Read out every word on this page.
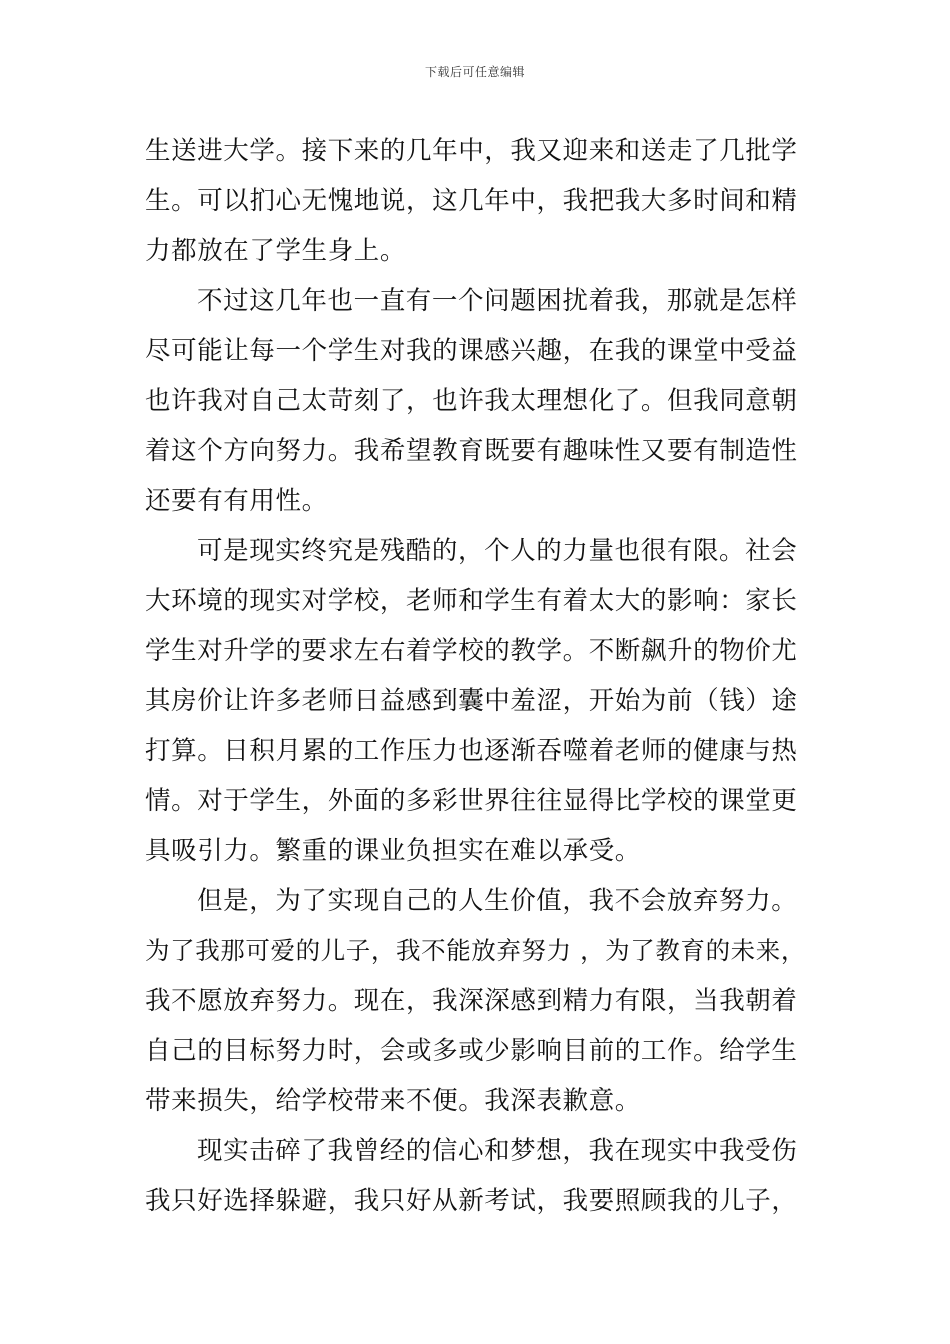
下载后可任意编辑
生送进大学。接下来的几年中，我又迎来和送走了几批学
生。可以扪心无愧地说，这几年中，我把我大多时间和精
力都放在了学生身上。
不过这几年也一直有一个问题困扰着我，那就是怎样
尽可能让每一个学生对我的课感兴趣，在我的课堂中受益
也许我对自己太苛刻了，也许我太理想化了。但我同意朝
着这个方向努力。我希望教育既要有趣味性又要有制造性
还要有有用性。
可是现实终究是残酷的，个人的力量也很有限。社会
大环境的现实对学校，老师和学生有着太大的影响：家长
学生对升学的要求左右着学校的教学。不断飙升的物价尤
其房价让许多老师日益感到囊中羞涩，开始为前（钱）途
打算。日积月累的工作压力也逐渐吞噬着老师的健康与热
情。对于学生，外面的多彩世界往往显得比学校的课堂更
具吸引力。繁重的课业负担实在难以承受。
但是，为了实现自己的人生价值，我不会放弃努力。
为了我那可爱的儿子，我不能放弃努力 ，为了教育的未来，
我不愿放弃努力。现在，我深深感到精力有限，当我朝着
自己的目标努力时，会或多或少影响目前的工作。给学生
带来损失，给学校带来不便。我深表歉意。
现实击碎了我曾经的信心和梦想，我在现实中我受伤
我只好选择躲避，我只好从新考试，我要照顾我的儿子，
